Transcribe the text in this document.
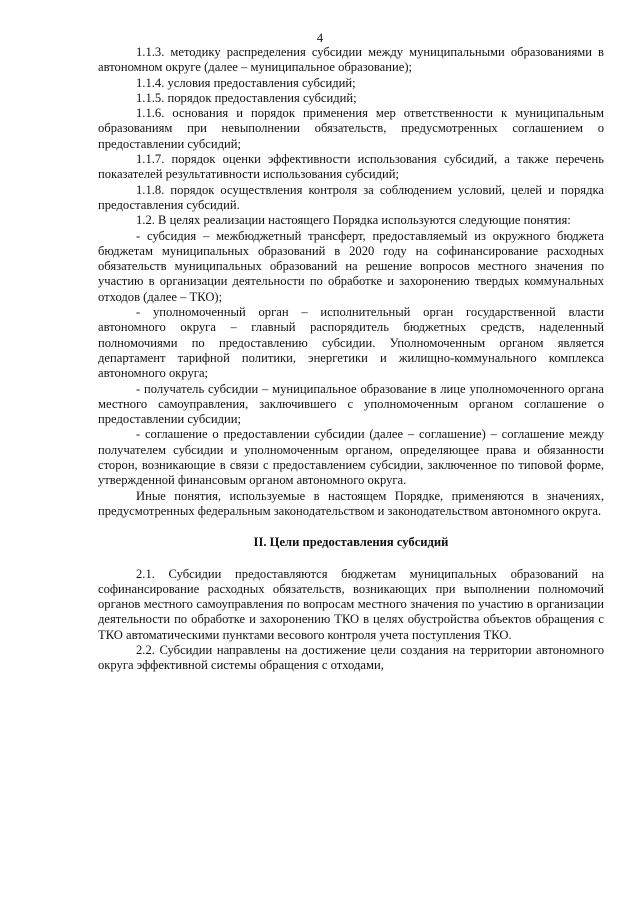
4

1.1.3. методику распределения субсидии между муниципальными образованиями в автономном округе (далее – муниципальное образование);

1.1.4. условия предоставления субсидий;

1.1.5. порядок предоставления субсидий;

1.1.6. основания и порядок применения мер ответственности к муниципальным образованиям при невыполнении обязательств, предусмотренных соглашением о предоставлении субсидий;

1.1.7. порядок оценки эффективности использования субсидий, а также перечень показателей результативности использования субсидий;

1.1.8. порядок осуществления контроля за соблюдением условий, целей и порядка предоставления субсидий.

1.2. В целях реализации настоящего Порядка используются следующие понятия:

- субсидия – межбюджетный трансферт, предоставляемый из окружного бюджета бюджетам муниципальных образований в 2020 году на софинансирование расходных обязательств муниципальных образований на решение вопросов местного значения по участию в организации деятельности по обработке и захоронению твердых коммунальных отходов (далее – ТКО);

- уполномоченный орган – исполнительный орган государственной власти автономного округа – главный распорядитель бюджетных средств, наделенный полномочиями по предоставлению субсидии. Уполномоченным органом является департамент тарифной политики, энергетики и жилищно-коммунального комплекса автономного округа;

- получатель субсидии – муниципальное образование в лице уполномоченного органа местного самоуправления, заключившего с уполномоченным органом соглашение о предоставлении субсидии;

- соглашение о предоставлении субсидии (далее – соглашение) – соглашение между получателем субсидии и уполномоченным органом, определяющее права и обязанности сторон, возникающие в связи с предоставлением субсидии, заключенное по типовой форме, утвержденной финансовым органом автономного округа.

Иные понятия, используемые в настоящем Порядке, применяются в значениях, предусмотренных федеральным законодательством и законодательством автономного округа.

II. Цели предоставления субсидий

2.1. Субсидии предоставляются бюджетам муниципальных образований на софинансирование расходных обязательств, возникающих при выполнении полномочий органов местного самоуправления по вопросам местного значения по участию в организации деятельности по обработке и захоронению ТКО в целях обустройства объектов обращения с ТКО автоматическими пунктами весового контроля учета поступления ТКО.

2.2. Субсидии направлены на достижение цели создания на территории автономного округа эффективной системы обращения с отходами,
